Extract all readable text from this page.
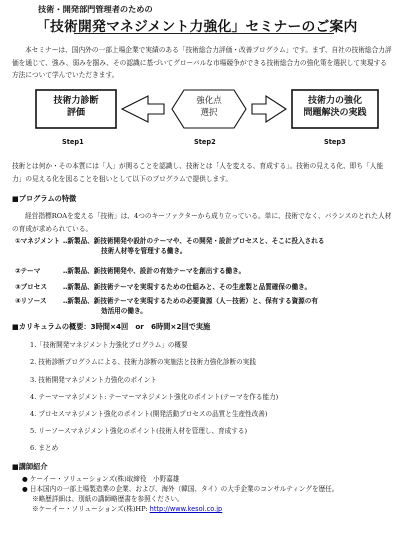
技術・開発部門管理者のための
「技術開発マネジメント力強化」セミナーのご案内
本セミナーは、国内外の一部上場企業で実績のある「技術総合力評価・改善プログラム」です。まず、自社の技術総合力評価を通じて、強み、弱みを掴み、その認識に基づいてグローバルな市場競争ができる技術総合力の強化策を選択して実現する方法について学んでいただきます。
技術力診断
評価
強化点
選択
技術力の強化
問題解決の実践
Step1	Step2	Step3
技術とは何か・その本質には「人」が関ることを認識し、技術とは「人を変える、育成する」。技術の見える化、即ち「人能力」の見える化を図ることを狙いとして以下のプログラムで提供します。
■プログラムの特徴
経営指標ROAを変える「技術」は、4つのキーファクターから成り立っている。単に、技術でなく、バランスのとれた人材の育成が求められている。
①マネジメント ‥新製品、新技術開発や設計のテーマや、その開発・設計プロセスと、そこに投入される
技術人材等を管理する働き。
②テーマ	‥新製品、新技術開発や、設計の有効テーマを創出する働き。
③プロセス ‥新製品、新技術テーマを実現するための仕組みと、その生産製と品質確保の働き。
④リソース ‥新製品、新技術テーマを実現するための必要資源（人－技術）と、保有する資源の有
効活用の働き。
■カリキュラムの概要：3時間×4回　or　6時間×2回で実施
1.「技術開発マネジメント力強化プログラム」の概要
2. 技術診断プログラムによる、技術力診断の実施法と技術力強化診断の実践
3. 技術開発マネジメント力強化のポイント
4. テーマーマネジメント: テーマーマネジメント強化のポイント(テーマを作る能力)
4. プロセスマネジメント強化のポイント(開発活動プロセスの品質と生産性改善)
5. リーソースマネジメント強化のポイント(技術人材を管理し、育成する)
6. まとめ
■講師紹介
● ケーイー・ソリューションズ(株)取締役　小野嘉雄
● 日本国内の一部上場製造業の企業、および、海外（韓国、タイ）の大手企業のコンサルティングを歴任。
※略歴詳細は、別紙の講師略歴書を参照ください。
※ケーイー・ソリューションズ(株)HP: http://www.kesol.co.jp
